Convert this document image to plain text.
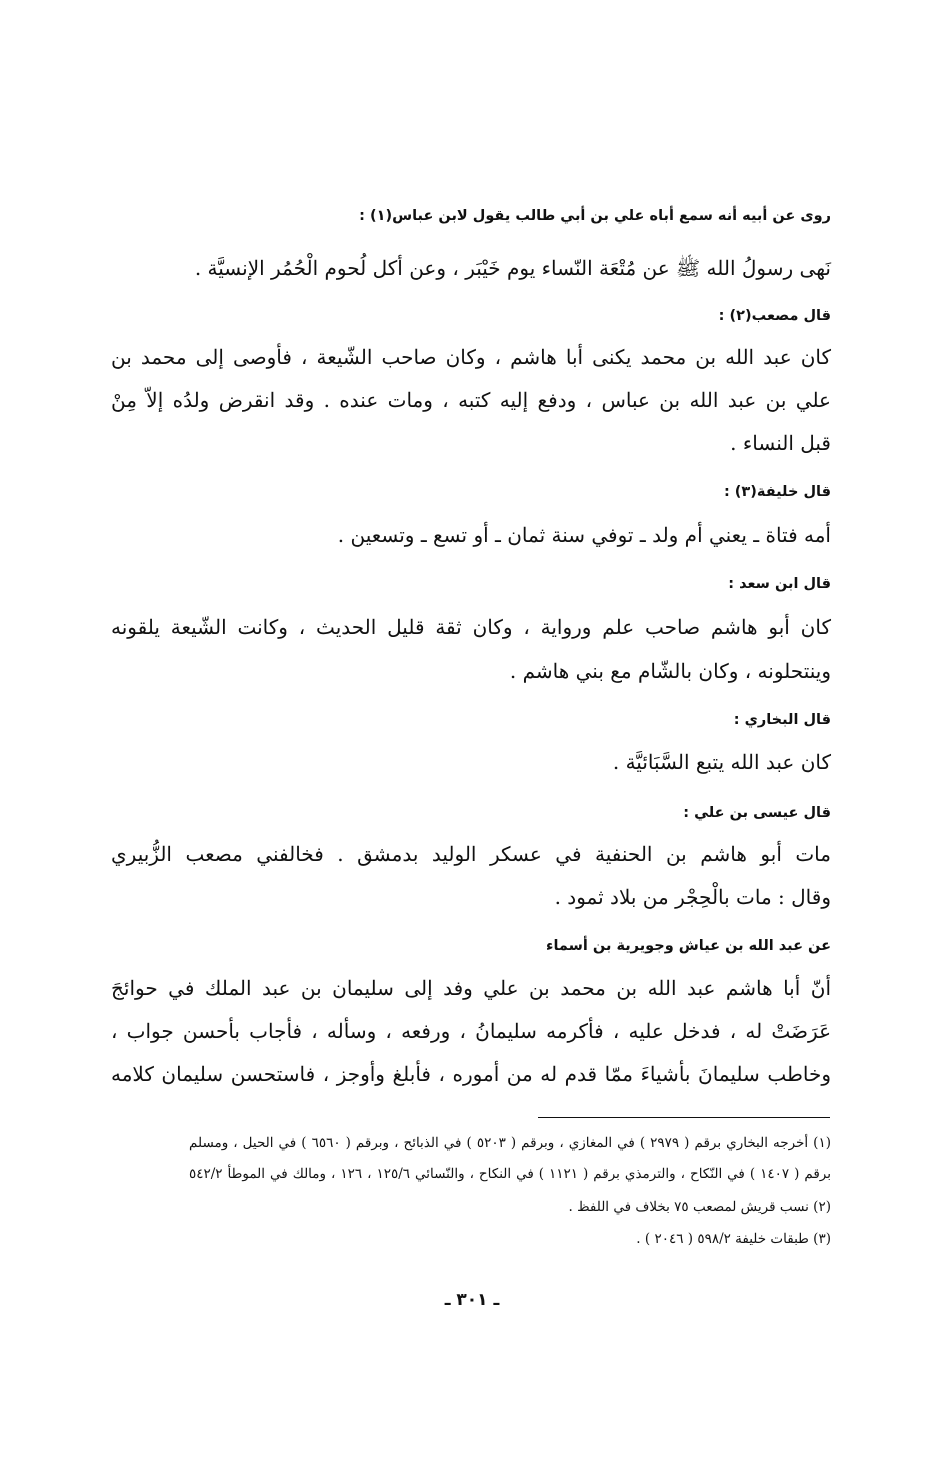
روى عن أبيه أنه سمع أباه علي بن أبي طالب يقول لابن عباس(١) :

نَهى رسولُ الله ﷺ عن مُتْعَة النّساء يوم خَيْبَر ، وعن أكل لُحوم الْحُمُر الإنسيَّة .

قال مصعب(٢) :

كان عبد الله بن محمد يكنى أبا هاشم ، وكان صاحب الشّيعة ، فأوصى إلى محمد بن

علي بن عبد الله بن عباس ، ودفع إليه كتبه ، ومات عنده . وقد انقرض ولدُه إلاّ مِنْ

قبل النساء .

قال خليفة(٣) :

أمه فتاة ـ يعني أم ولد ـ توفي سنة ثمان ـ أو تسع ـ وتسعين .

قال ابن سعد :

كان أبو هاشم صاحب علم ورواية ، وكان ثقة قليل الحديث ، وكانت الشّيعة يلقونه

وينتحلونه ، وكان بالشّام مع بني هاشم .

قال البخاري :

كان عبد الله يتبع السَّبَائيَّة .

قال عيسى بن علي :

مات أبو هاشم بن الحنفية في عسكر الوليد بدمشق . فخالفني مصعب الزُّبيري

وقال : مات بالْحِجْر من بلاد ثمود .

عن عبد الله بن عياش وجويرية بن أسماء

أنّ أبا هاشم عبد الله بن محمد بن علي وفد إلى سليمان بن عبد الملك في حوائجَ

عَرَضَتْ له ، فدخل عليه ، فأكرمه سليمانُ ، ورفعه ، وسأله ، فأجاب بأحسن جواب ،

وخاطب سليمانَ بأشياءَ ممّا قدم له من أموره ، فأبلغ وأوجز ، فاستحسن سليمان كلامه

(١) أخرجه البخاري برقم ( ٢٩٧٩ ) في المغازي ، وبرقم ( ٥٢٠٣ ) في الذبائح ، وبرقم ( ٦٥٦٠ ) في الحيل ، ومسلم

برقم ( ١٤٠٧ ) في النّكاح ، والترمذي برقم ( ١١٢١ ) في النكاح ، والنّسائي ١٢٥/٦ ، ١٢٦ ، ومالك في الموطأ ٥٤٢/٢

(٢) نسب قريش لمصعب ٧٥ بخلاف في اللفظ .

(٣) طبقات خليفة ٥٩٨/٢ ( ٢٠٤٦ ) .

ـ ٣٠١ ـ
